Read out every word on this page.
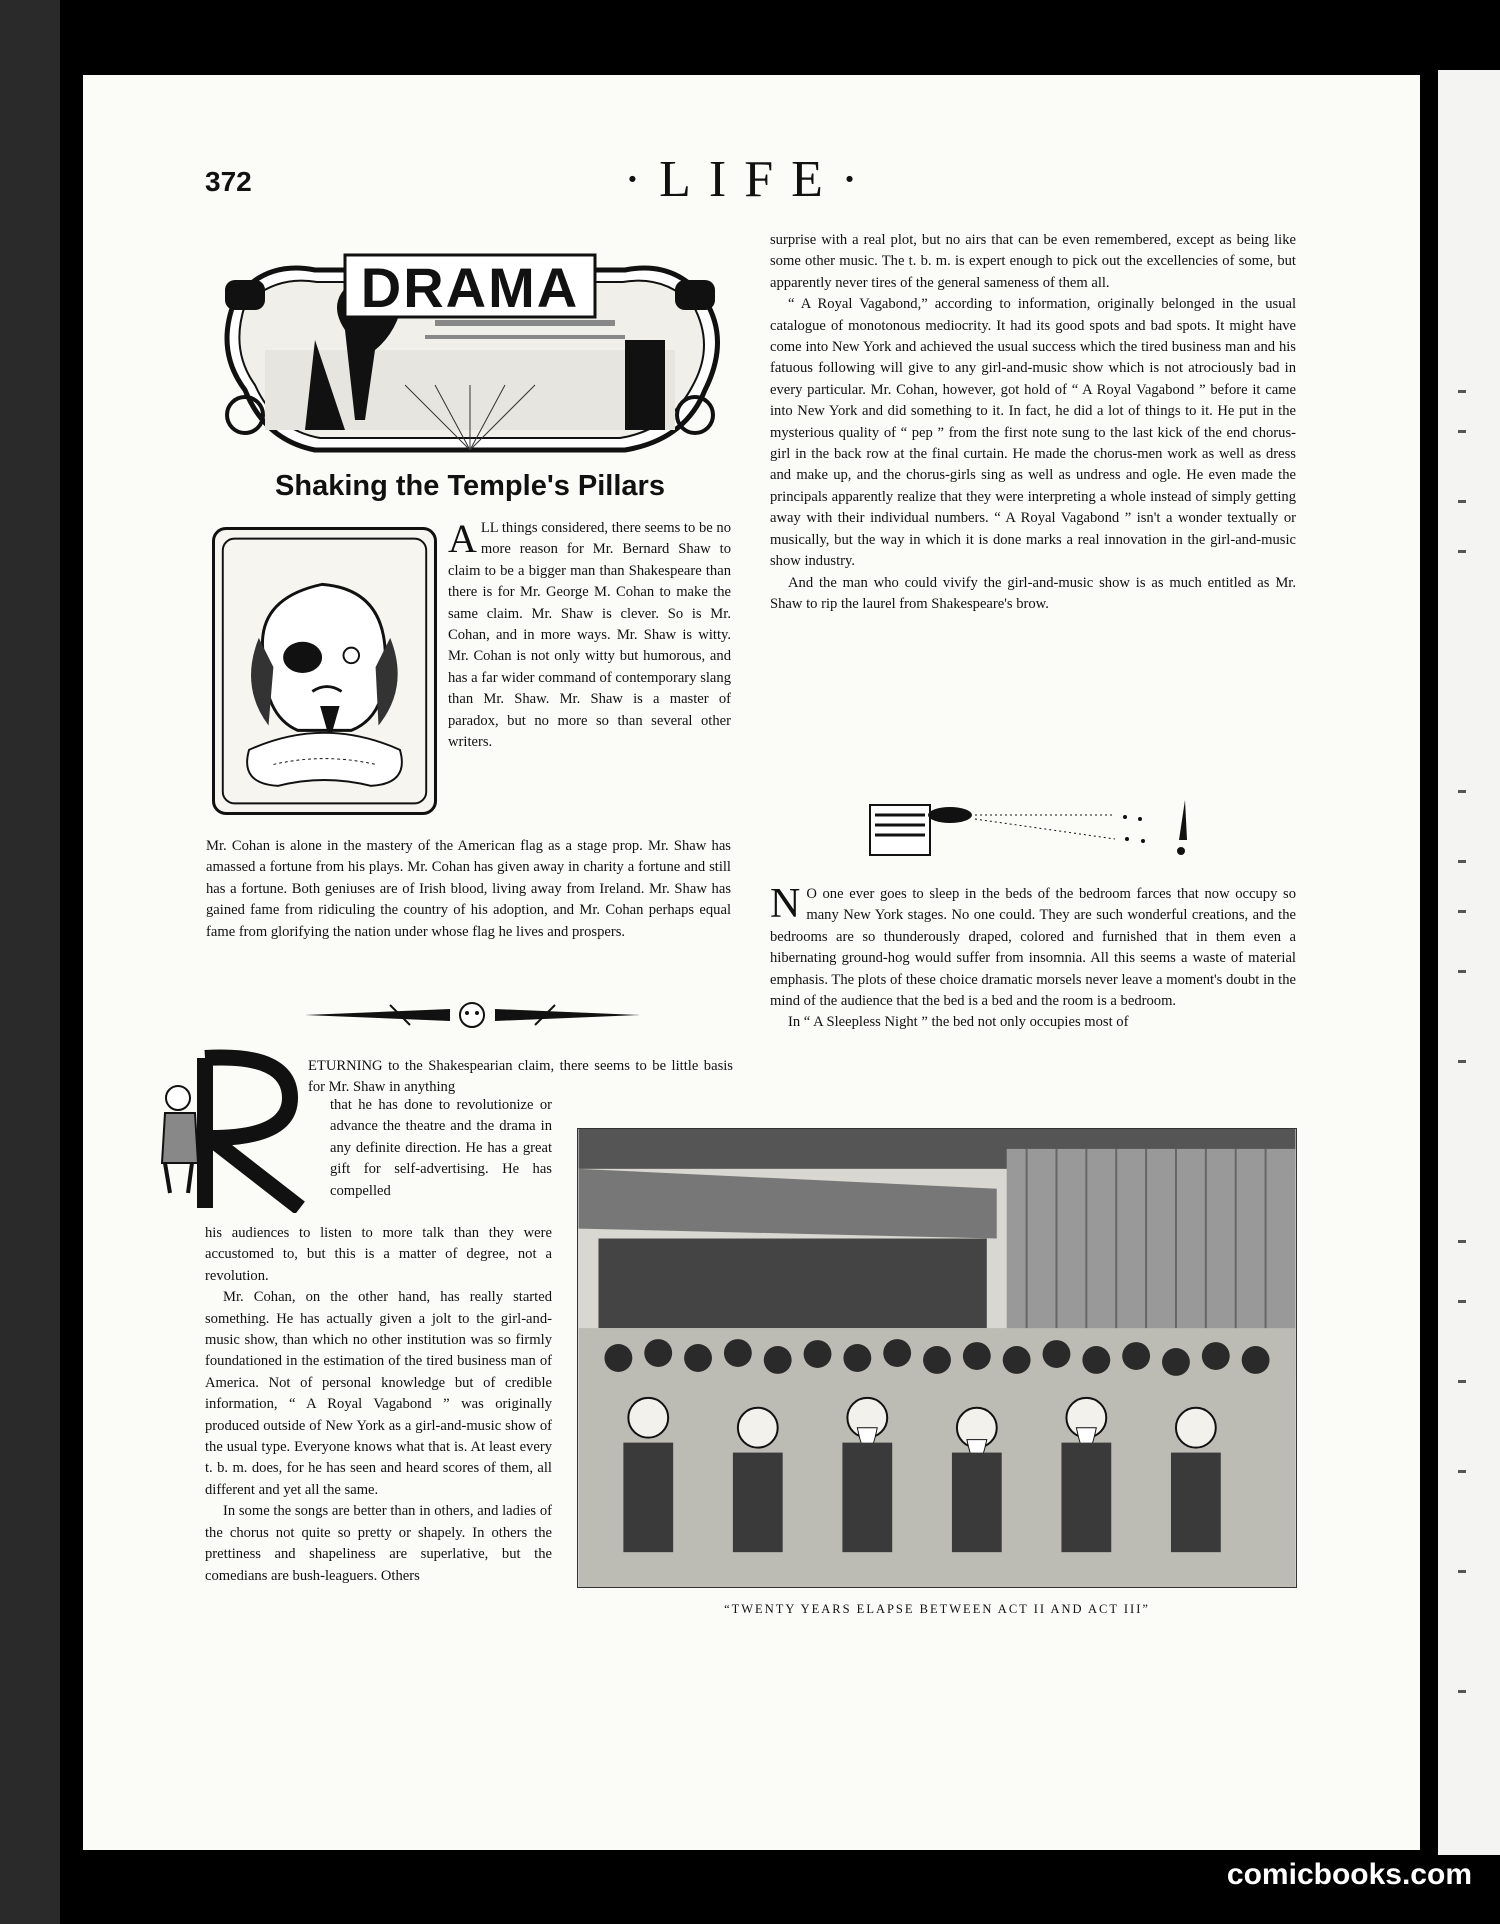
372	·LIFE·
DRAMA
Shaking the Temple's Pillars

ALL things considered, there seems to be no more reason for Mr. Bernard Shaw to claim to be a bigger man than Shakespeare than there is for Mr. George M. Cohan to make the same claim. Mr. Shaw is clever. So is Mr. Cohan, and in more ways. Mr. Shaw is witty. Mr. Cohan is not only witty but humorous, and has a far wider command of contemporary slang than Mr. Shaw. Mr. Shaw is a master of paradox, but no more so than several other writers.

Mr. Cohan is alone in the mastery of the American flag as a stage prop. Mr. Shaw has amassed a fortune from his plays. Mr. Cohan has given away in charity a fortune and still has a fortune. Both geniuses are of Irish blood, living away from Ireland. Mr. Shaw has gained fame from ridiculing the country of his adoption, and Mr. Cohan perhaps equal fame from glorifying the nation under whose flag he lives and prospers.

ETURNING to the Shakespearian claim, there seems to be little basis for Mr. Shaw in anything

that he has done to revolutionize or advance the theatre and the drama in any definite direction. He has a great gift for self-advertising. He has compelled

his audiences to listen to more talk than they were accustomed to, but this is a matter of degree, not a revolution.

Mr. Cohan, on the other hand, has really started something. He has actually given a jolt to the girl-and-music show, than which no other institution was so firmly foundationed in the estimation of the tired business man of America. Not of personal knowledge but of credible information, “ A Royal Vagabond ” was originally produced outside of New York as a girl-and-music show of the usual type. Everyone knows what that is. At least every t. b. m. does, for he has seen and heard scores of them, all different and yet all the same.

In some the songs are better than in others, and ladies of the chorus not quite so pretty or shapely. In others the prettiness and shapeliness are superlative, but the comedians are bush-leaguers. Others

surprise with a real plot, but no airs that can be even remembered, except as being like some other music. The t. b. m. is expert enough to pick out the excellencies of some, but apparently never tires of the general sameness of them all.

“ A Royal Vagabond,” according to information, originally belonged in the usual catalogue of monotonous mediocrity. It had its good spots and bad spots. It might have come into New York and achieved the usual success which the tired business man and his fatuous following will give to any girl-and-music show which is not atrociously bad in every particular. Mr. Cohan, however, got hold of “ A Royal Vagabond ” before it came into New York and did something to it. In fact, he did a lot of things to it. He put in the mysterious quality of “ pep ” from the first note sung to the last kick of the end chorus-girl in the back row at the final curtain. He made the chorus-men work as well as dress and make up, and the chorus-girls sing as well as undress and ogle. He even made the principals apparently realize that they were interpreting a whole instead of simply getting away with their individual numbers. “ A Royal Vagabond ” isn't a wonder textually or musically, but the way in which it is done marks a real innovation in the girl-and-music show industry.

And the man who could vivify the girl-and-music show is as much entitled as Mr. Shaw to rip the laurel from Shakespeare's brow.

N O one ever goes to sleep in the beds of the bedroom farces that now occupy so many New York stages. No one could. They are such wonderful creations, and the bedrooms are so thunderously draped, colored and furnished that in them even a hibernating ground-hog would suffer from insomnia. All this seems a waste of material emphasis. The plots of these choice dramatic morsels never leave a moment's doubt in the mind of the audience that the bed is a bed and the room is a bedroom.

In “ A Sleepless Night ” the bed not only occupies most of

“TWENTY YEARS ELAPSE BETWEEN ACT II AND ACT III”
comicbooks.com
